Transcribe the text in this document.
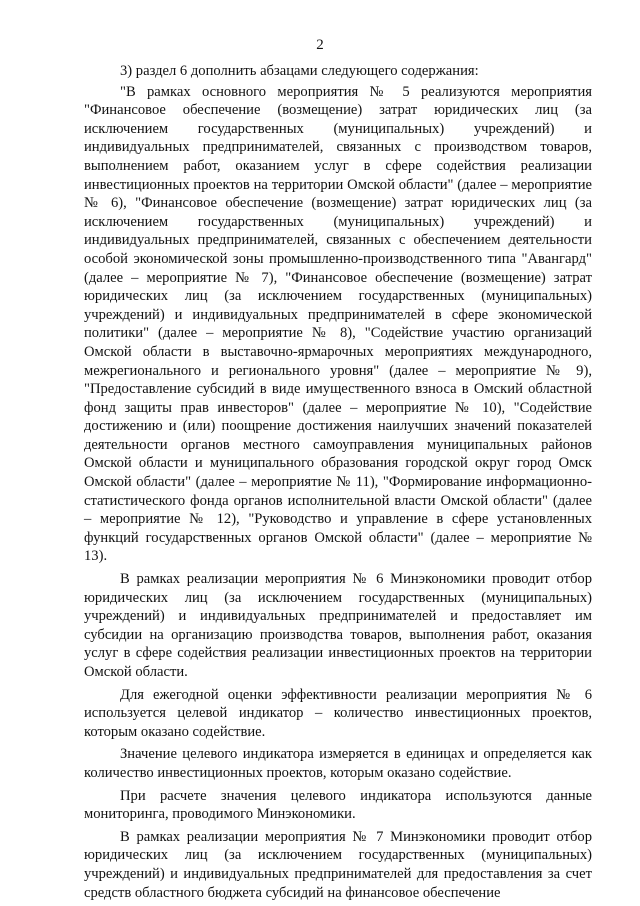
2

3) раздел 6 дополнить абзацами следующего содержания:

"В рамках основного мероприятия № 5 реализуются мероприятия "Финансовое обеспечение (возмещение) затрат юридических лиц (за исключением государственных (муниципальных) учреждений) и индивидуальных предпринимателей, связанных с производством товаров, выполнением работ, оказанием услуг в сфере содействия реализации инвестиционных проектов на территории Омской области" (далее – мероприятие № 6), "Финансовое обеспечение (возмещение) затрат юридических лиц (за исключением государственных (муниципальных) учреждений) и индивидуальных предпринимателей, связанных с обеспечением деятельности особой экономической зоны промышленно-производственного типа "Авангард" (далее – мероприятие № 7), "Финансовое обеспечение (возмещение) затрат юридических лиц (за исключением государственных (муниципальных) учреждений) и индивидуальных предпринимателей в сфере экономической политики" (далее – мероприятие № 8), "Содействие участию организаций Омской области в выставочно-ярмарочных мероприятиях международного, межрегионального и регионального уровня" (далее – мероприятие № 9), "Предоставление субсидий в виде имущественного взноса в Омский областной фонд защиты прав инвесторов" (далее – мероприятие № 10), "Содействие достижению и (или) поощрение достижения наилучших значений показателей деятельности органов местного самоуправления муниципальных районов Омской области и муниципального образования городской округ город Омск Омской области" (далее – мероприятие № 11), "Формирование информационно-статистического фонда органов исполнительной власти Омской области" (далее – мероприятие № 12), "Руководство и управление в сфере установленных функций государственных органов Омской области" (далее – мероприятие № 13).

В рамках реализации мероприятия № 6 Минэкономики проводит отбор юридических лиц (за исключением государственных (муниципальных) учреждений) и индивидуальных предпринимателей и предоставляет им субсидии на организацию производства товаров, выполнения работ, оказания услуг в сфере содействия реализации инвестиционных проектов на территории Омской области.

Для ежегодной оценки эффективности реализации мероприятия № 6 используется целевой индикатор – количество инвестиционных проектов, которым оказано содействие.

Значение целевого индикатора измеряется в единицах и определяется как количество инвестиционных проектов, которым оказано содействие.

При расчете значения целевого индикатора используются данные мониторинга, проводимого Минэкономики.

В рамках реализации мероприятия № 7 Минэкономики проводит отбор юридических лиц (за исключением государственных (муниципальных) учреждений) и индивидуальных предпринимателей для предоставления за счет средств областного бюджета субсидий на финансовое обеспечение
